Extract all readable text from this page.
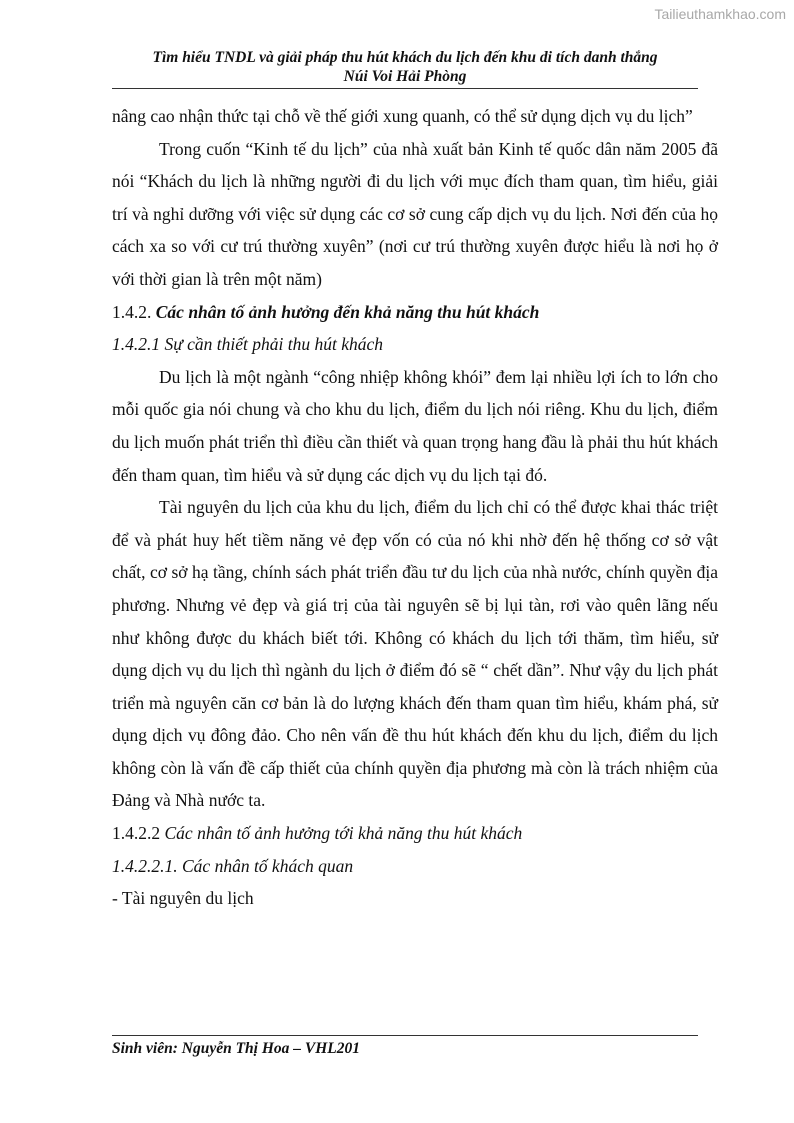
Tailieuthamkhao.com
Tìm hiểu TNDL và giải pháp thu hút khách du lịch đến khu di tích danh thắng
Núi Voi Hải Phòng

nâng cao nhận thức tại chỗ về thế giới xung quanh, có thể sử dụng dịch vụ du lịch”

Trong cuốn “Kinh tế du lịch” của nhà xuất bản Kinh tế quốc dân năm 2005 đã nói “Khách du lịch là những người đi du lịch với mục đích tham quan, tìm hiểu, giải trí và nghỉ dưỡng với việc sử dụng các cơ sở cung cấp dịch vụ du lịch. Nơi đến của họ cách xa so với cư trú thường xuyên” (nơi cư trú thường xuyên được hiểu là nơi họ ở với thời gian là trên một năm)

1.4.2. Các nhân tố ảnh hưởng đến khả năng thu hút khách

1.4.2.1 Sự cần thiết phải thu hút khách

Du lịch là một ngành “công nhiệp không khói” đem lại nhiều lợi ích to lớn cho mỗi quốc gia nói chung và cho khu du lịch, điểm du lịch nói riêng. Khu du lịch, điểm du lịch muốn phát triển thì điều cần thiết và quan trọng hang đầu là phải thu hút khách đến tham quan, tìm hiểu và sử dụng các dịch vụ du lịch tại đó.

Tài nguyên du lịch của khu du lịch, điểm du lịch chỉ có thể được khai thác triệt để và phát huy hết tiềm năng vẻ đẹp vốn có của nó khi nhờ đến hệ thống cơ sở vật chất, cơ sở hạ tầng, chính sách phát triển đầu tư du lịch của nhà nước, chính quyền địa phương. Nhưng vẻ đẹp và giá trị của tài nguyên sẽ bị lụi tàn, rơi vào quên lãng nếu như không được du khách biết tới. Không có khách du lịch tới thăm, tìm hiểu, sử dụng dịch vụ du lịch thì ngành du lịch ở điểm đó sẽ “ chết dần”. Như vậy du lịch phát triển mà nguyên căn cơ bản là do lượng khách đến tham quan tìm hiểu, khám phá, sử dụng dịch vụ đông đảo. Cho nên vấn đề thu hút khách đến khu du lịch, điểm du lịch không còn là vấn đề cấp thiết của chính quyền địa phương mà còn là trách nhiệm của Đảng và Nhà nước ta.

1.4.2.2 Các nhân tố ảnh hưởng tới khả năng thu hút khách

1.4.2.2.1. Các nhân tố khách quan

- Tài nguyên du lịch

Sinh viên: Nguyễn Thị Hoa – VHL201
